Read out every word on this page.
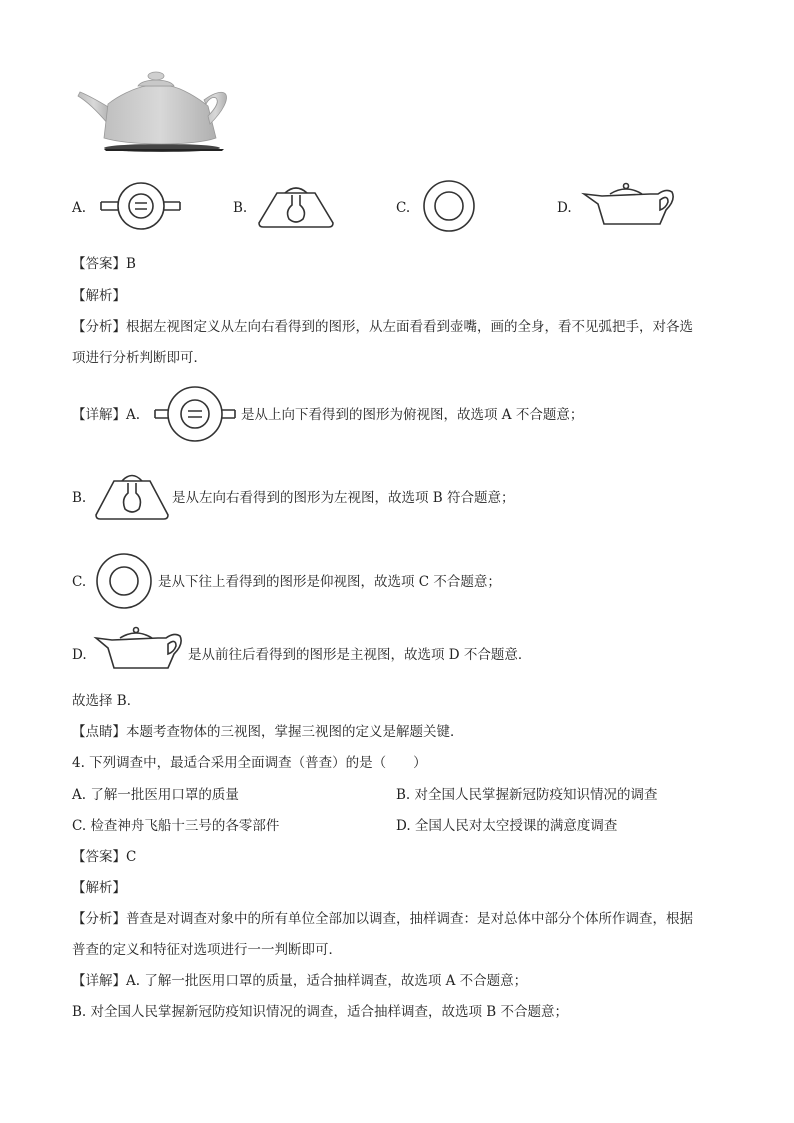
A.	B.	C.	D.
【答案】B
【解析】
【分析】根据左视图定义从左向右看得到的图形，从左面看看到壶嘴，画的全身，看不见弧把手，对各选
项进行分析判断即可．
【详解】A.	是从上向下看得到的图形为俯视图，故选项 A 不合题意；
B.	是从左向右看得到的图形为左视图，故选项 B 符合题意；
C.	是从下往上看得到的图形是仰视图，故选项 C 不合题意；
D.	是从前往后看得到的图形是主视图，故选项 D 不合题意．
故选择 B．
【点睛】本题考查物体的三视图，掌握三视图的定义是解题关键．
4. 下列调查中，最适合采用全面调查（普查）的是（　　）
A. 了解一批医用口罩的质量	B. 对全国人民掌握新冠防疫知识情况的调查
C. 检查神舟飞船十三号的各零部件	D. 全国人民对太空授课的满意度调查
【答案】C
【解析】
【分析】普查是对调查对象中的所有单位全部加以调查，抽样调查：是对总体中部分个体所作调查，根据
普查的定义和特征对选项进行一一判断即可．
【详解】A. 了解一批医用口罩的质量，适合抽样调查，故选项 A 不合题意；
B. 对全国人民掌握新冠防疫知识情况的调查，适合抽样调查，故选项 B 不合题意；
